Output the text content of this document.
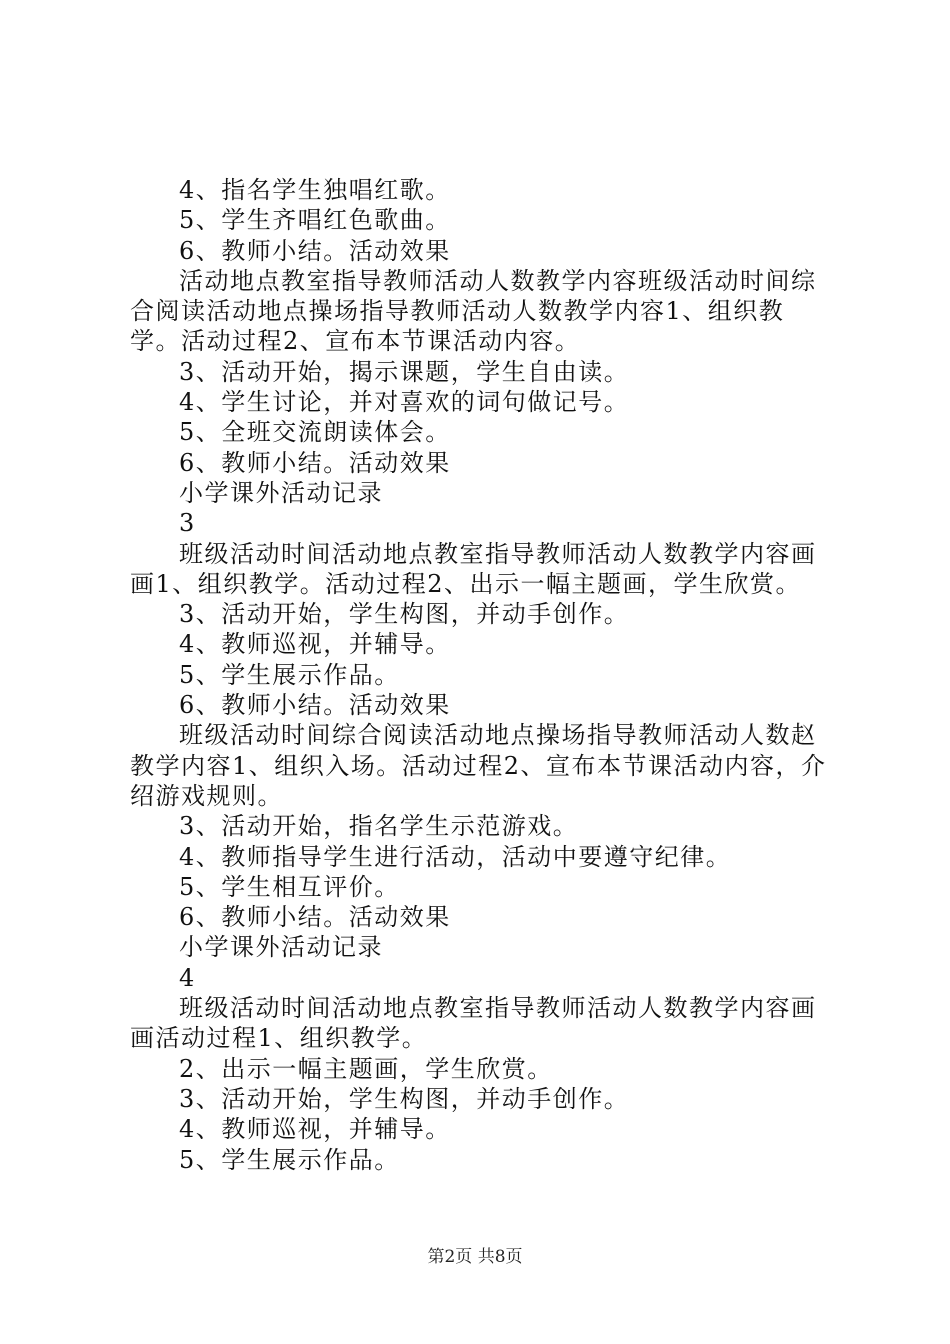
4、指名学生独唱红歌。

5、学生齐唱红色歌曲。

6、教师小结。活动效果

活动地点教室指导教师活动人数教学内容班级活动时间综合阅读活动地点操场指导教师活动人数教学内容1、组织教学。活动过程2、宣布本节课活动内容。

3、活动开始，揭示课题，学生自由读。

4、学生讨论，并对喜欢的词句做记号。

5、全班交流朗读体会。

6、教师小结。活动效果

小学课外活动记录

3

班级活动时间活动地点教室指导教师活动人数教学内容画画1、组织教学。活动过程2、出示一幅主题画，学生欣赏。

3、活动开始，学生构图，并动手创作。

4、教师巡视，并辅导。

5、学生展示作品。

6、教师小结。活动效果

班级活动时间综合阅读活动地点操场指导教师活动人数赵教学内容1、组织入场。活动过程2、宣布本节课活动内容，介绍游戏规则。

3、活动开始，指名学生示范游戏。

4、教师指导学生进行活动，活动中要遵守纪律。

5、学生相互评价。

6、教师小结。活动效果

小学课外活动记录

4

班级活动时间活动地点教室指导教师活动人数教学内容画画活动过程1、组织教学。

2、出示一幅主题画，学生欣赏。

3、活动开始，学生构图，并动手创作。

4、教师巡视，并辅导。

5、学生展示作品。

第2页 共8页
